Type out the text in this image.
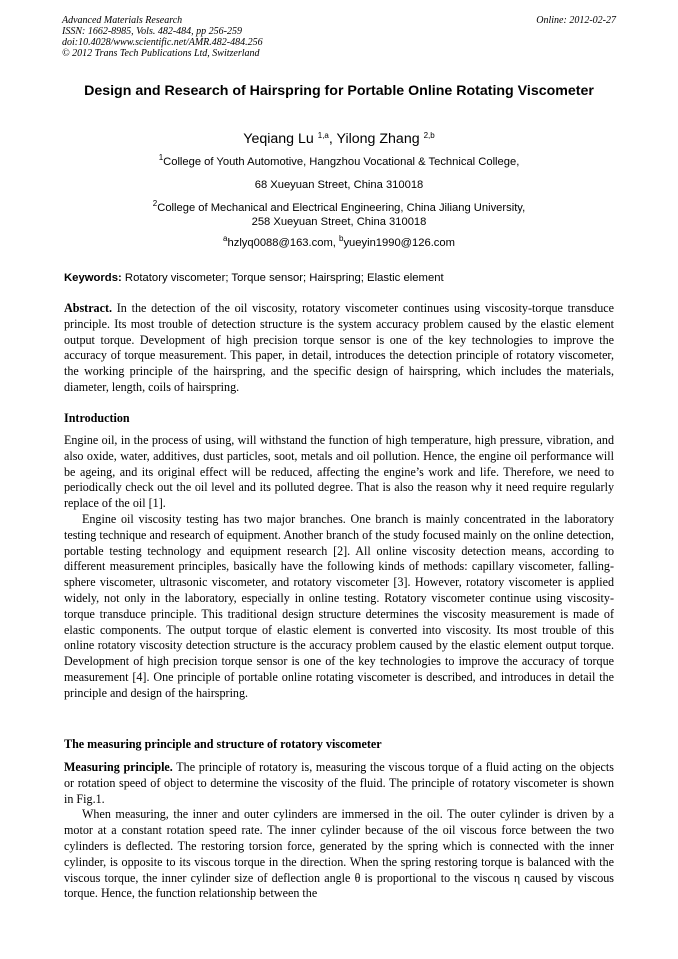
Advanced Materials Research
ISSN: 1662-8985, Vols. 482-484, pp 256-259
doi:10.4028/www.scientific.net/AMR.482-484.256
© 2012 Trans Tech Publications Ltd, Switzerland
Online: 2012-02-27
Design and Research of Hairspring for Portable Online Rotating Viscometer
Yeqiang Lu $^{1,a}$, Yilong Zhang $^{2,b}$
$^1$College of Youth Automotive, Hangzhou Vocational & Technical College,
68 Xueyuan Street, China 310018
$^2$College of Mechanical and Electrical Engineering, China Jiliang University,
258 Xueyuan Street, China 310018
$^a$hzlyq0088@163.com, $^b$yueyin1990@126.com
Keywords: Rotatory viscometer; Torque sensor; Hairspring; Elastic element

Abstract. In the detection of the oil viscosity, rotatory viscometer continues using viscosity-torque transduce principle. Its most trouble of detection structure is the system accuracy problem caused by the elastic element output torque. Development of high precision torque sensor is one of the key technologies to improve the accuracy of torque measurement. This paper, in detail, introduces the detection principle of rotatory viscometer, the working principle of the hairspring, and the specific design of hairspring, which includes the materials, diameter, length, coils of hairspring.

Introduction

Engine oil, in the process of using, will withstand the function of high temperature, high pressure, vibration, and also oxide, water, additives, dust particles, soot, metals and oil pollution. Hence, the engine oil performance will be ageing, and its original effect will be reduced, affecting the engine’s work and life. Therefore, we need to periodically check out the oil level and its polluted degree. That is also the reason why it need require regularly replace of the oil [1].

Engine oil viscosity testing has two major branches. One branch is mainly concentrated in the laboratory testing technique and research of equipment. Another branch of the study focused mainly on the online detection, portable testing technology and equipment research [2]. All online viscosity detection means, according to different measurement principles, basically have the following kinds of methods: capillary viscometer, falling-sphere viscometer, ultrasonic viscometer, and rotatory viscometer [3]. However, rotatory viscometer is applied widely, not only in the laboratory, especially in online testing. Rotatory viscometer continue using viscosity-torque transduce principle. This traditional design structure determines the viscosity measurement is made of elastic components. The output torque of elastic element is converted into viscosity. Its most trouble of this online rotatory viscosity detection structure is the accuracy problem caused by the elastic element output torque. Development of high precision torque sensor is one of the key technologies to improve the accuracy of torque measurement [4]. One principle of portable online rotating viscometer is described, and introduces in detail the principle and design of the hairspring.

The measuring principle and structure of rotatory viscometer

Measuring principle. The principle of rotatory is, measuring the viscous torque of a fluid acting on the objects or rotation speed of object to determine the viscosity of the fluid. The principle of rotatory viscometer is shown in Fig.1.

When measuring, the inner and outer cylinders are immersed in the oil. The outer cylinder is driven by a motor at a constant rotation speed rate. The inner cylinder because of the oil viscous force between the two cylinders is deflected. The restoring torsion force, generated by the spring which is connected with the inner cylinder, is opposite to its viscous torque in the direction. When the spring restoring torque is balanced with the viscous torque, the inner cylinder size of deflection angle θ is proportional to the viscous η caused by viscous torque. Hence, the function relationship between the
